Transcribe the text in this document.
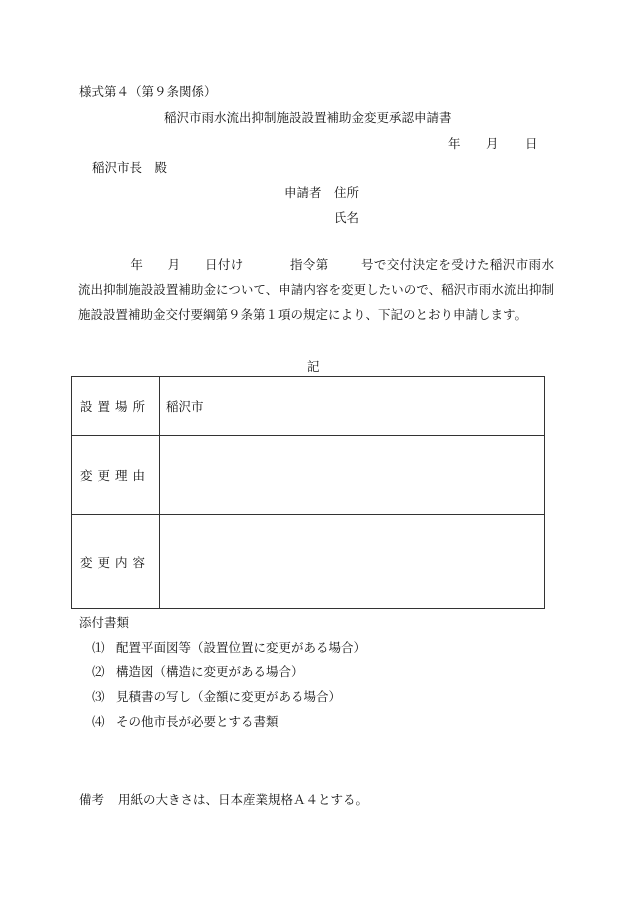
様式第４（第９条関係）
稲沢市雨水流出抑制施設設置補助金変更承認申請書
年 月 日
稲沢市長　殿
申請者 住所
氏名
年 月 日付け	指令第	号で交付決定を受けた稲沢市雨水流出抑制施設設置補助金について、申請内容を変更したいので、稲沢市雨水流出抑制施設設置補助金交付要綱第９条第１項の規定により、下記のとおり申請します。
記
設置場所	稲沢市
変更理由	
変更内容	
添付書類
⑴ 配置平面図等（設置位置に変更がある場合）
⑵ 構造図（構造に変更がある場合）
⑶ 見積書の写し（金額に変更がある場合）
⑷ その他市長が必要とする書類
備考 用紙の大きさは、日本産業規格Ａ４とする。
